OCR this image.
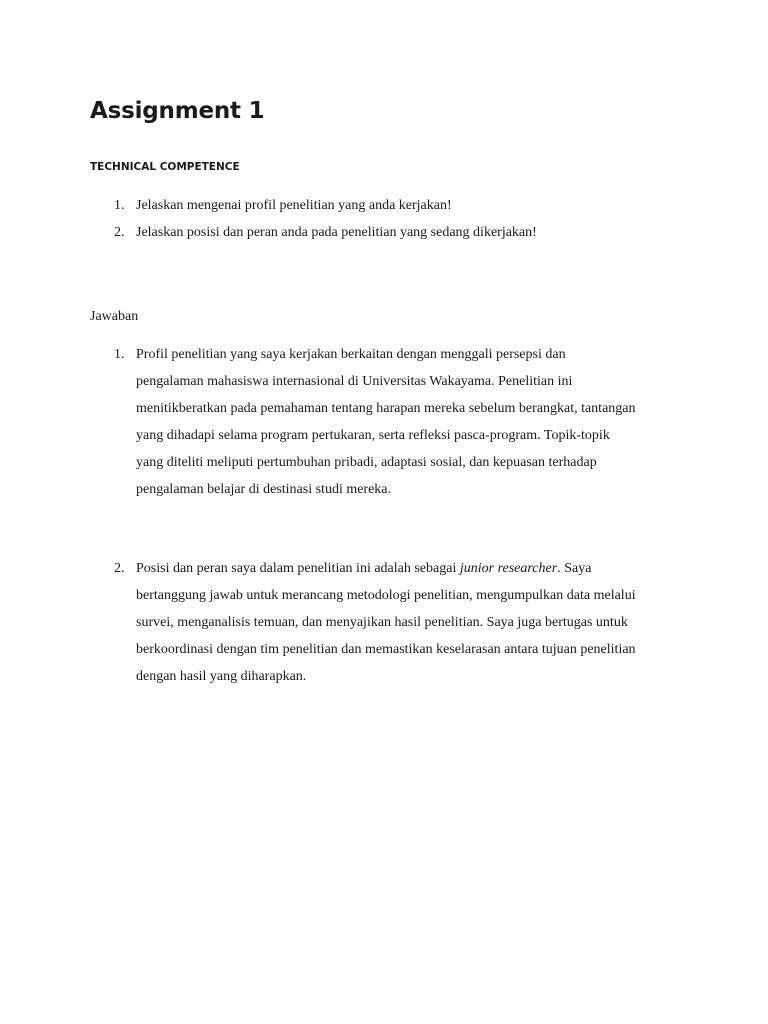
Assignment 1
TECHNICAL COMPETENCE
1. Jelaskan mengenai profil penelitian yang anda kerjakan!
2. Jelaskan posisi dan peran anda pada penelitian yang sedang dikerjakan!
Jawaban
1. Profil penelitian yang saya kerjakan berkaitan dengan menggali persepsi dan
pengalaman mahasiswa internasional di Universitas Wakayama. Penelitian ini
menitikberatkan pada pemahaman tentang harapan mereka sebelum berangkat, tantangan
yang dihadapi selama program pertukaran, serta refleksi pasca-program. Topik-topik
yang diteliti meliputi pertumbuhan pribadi, adaptasi sosial, dan kepuasan terhadap
pengalaman belajar di destinasi studi mereka.

2. Posisi dan peran saya dalam penelitian ini adalah sebagai junior researcher. Saya
bertanggung jawab untuk merancang metodologi penelitian, mengumpulkan data melalui
survei, menganalisis temuan, dan menyajikan hasil penelitian. Saya juga bertugas untuk
berkoordinasi dengan tim penelitian dan memastikan keselarasan antara tujuan penelitian
dengan hasil yang diharapkan.
